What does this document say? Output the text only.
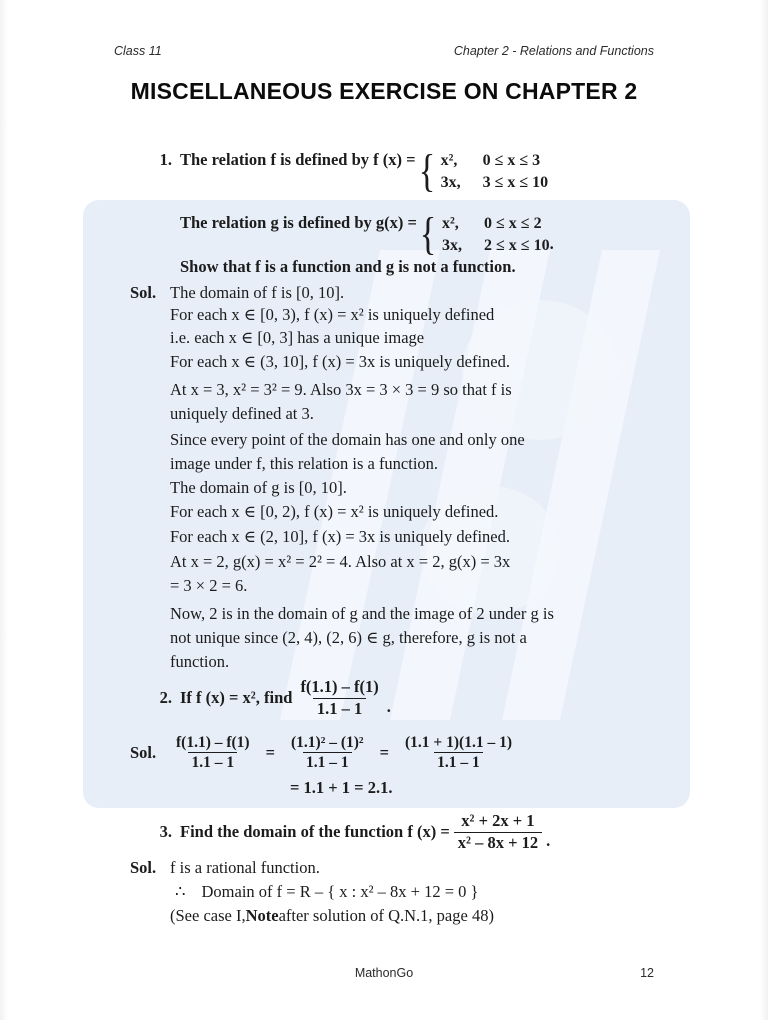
Class 11	Chapter 2 - Relations and Functions
MISCELLANEOUS EXERCISE ON CHAPTER 2
1. The relation f is defined by f (x) = { x²,	0 ≤ x ≤ 3
3x,	3 ≤ x ≤ 10
The relation g is defined by g(x) = { x²,	0 ≤ x ≤ 2
3x,	2 ≤ x ≤ 10 .
Show that f is a function and g is not a function.
Sol. The domain of f is [0, 10].
For each x ∈ [0, 3), f (x) = x² is uniquely defined
i.e. each x ∈ [0, 3] has a unique image
For each x ∈ (3, 10], f (x) = 3x is uniquely defined.
At x = 3, x² = 3² = 9. Also 3x = 3 × 3 = 9 so that f is
uniquely defined at 3.
Since every point of the domain has one and only one
image under f, this relation is a function.
The domain of g is [0, 10].
For each x ∈ [0, 2), f (x) = x² is uniquely defined.
For each x ∈ (2, 10], f (x) = 3x is uniquely defined.
At x = 2, g(x) = x² = 2² = 4. Also at x = 2, g(x) = 3x
= 3 × 2 = 6.
Now, 2 is in the domain of g and the image of 2 under g is
not unique since (2, 4), (2, 6) ∈ g, therefore, g is not a
function.
2. If f (x) = x², find $\frac{f(1.1) - f(1)}{1.1 - 1}$ .
Sol.	$\frac{f(1.1) - f(1)}{1.1 - 1} = \frac{\text{(1.1)² – (1)²}}{1.1 - 1} = \frac{(1.1 + 1)(1.1 - 1)}{1.1 - 1}$
= 1.1 + 1 = 2.1.
3. Find the domain of the function f $(x) = \frac{\text{x² + 2x + 1}}{\text{x² – 8x + 12}}$ .
Sol. f is a rational function.
∴ Domain of f = R – { x : x² – 8x + 12 = 0 }
(See case I, Note after solution of Q.N.1, page 48)
MathonGo	12
